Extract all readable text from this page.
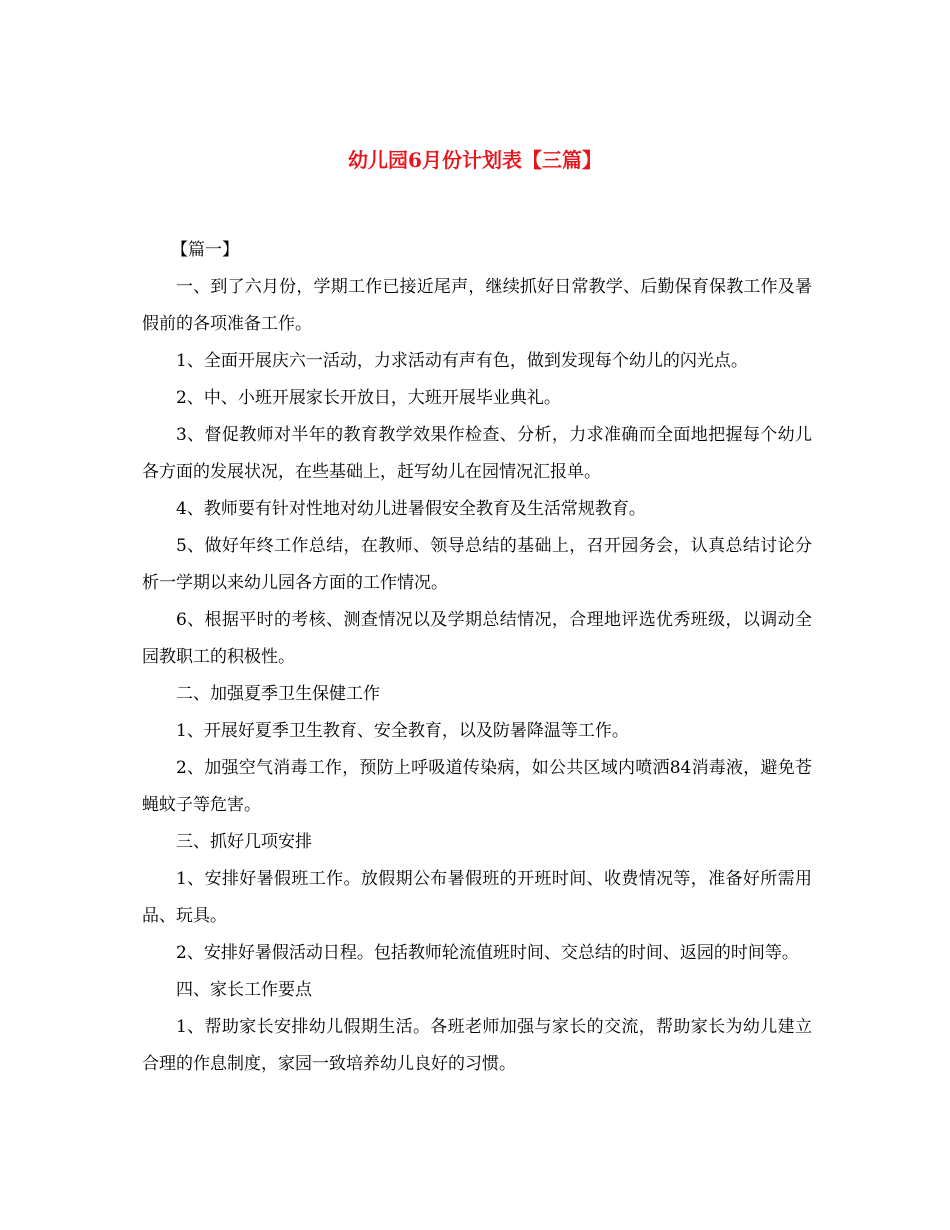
幼儿园6月份计划表【三篇】

【篇一】

一、到了六月份，学期工作已接近尾声，继续抓好日常教学、后勤保育保教工作及暑假前的各项准备工作。

1、全面开展庆六一活动，力求活动有声有色，做到发现每个幼儿的闪光点。

2、中、小班开展家长开放日，大班开展毕业典礼。

3、督促教师对半年的教育教学效果作检查、分析，力求准确而全面地把握每个幼儿各方面的发展状况，在些基础上，赶写幼儿在园情况汇报单。

4、教师要有针对性地对幼儿进暑假安全教育及生活常规教育。

5、做好年终工作总结，在教师、领导总结的基础上，召开园务会，认真总结讨论分析一学期以来幼儿园各方面的工作情况。

6、根据平时的考核、测查情况以及学期总结情况，合理地评选优秀班级，以调动全园教职工的积极性。

二、加强夏季卫生保健工作

1、开展好夏季卫生教育、安全教育，以及防暑降温等工作。

2、加强空气消毒工作，预防上呼吸道传染病，如公共区域内喷洒84消毒液，避免苍蝇蚊子等危害。

三、抓好几项安排

1、安排好暑假班工作。放假期公布暑假班的开班时间、收费情况等，准备好所需用品、玩具。

2、安排好暑假活动日程。包括教师轮流值班时间、交总结的时间、返园的时间等。

四、家长工作要点

1、帮助家长安排幼儿假期生活。各班老师加强与家长的交流，帮助家长为幼儿建立合理的作息制度，家园一致培养幼儿良好的习惯。
